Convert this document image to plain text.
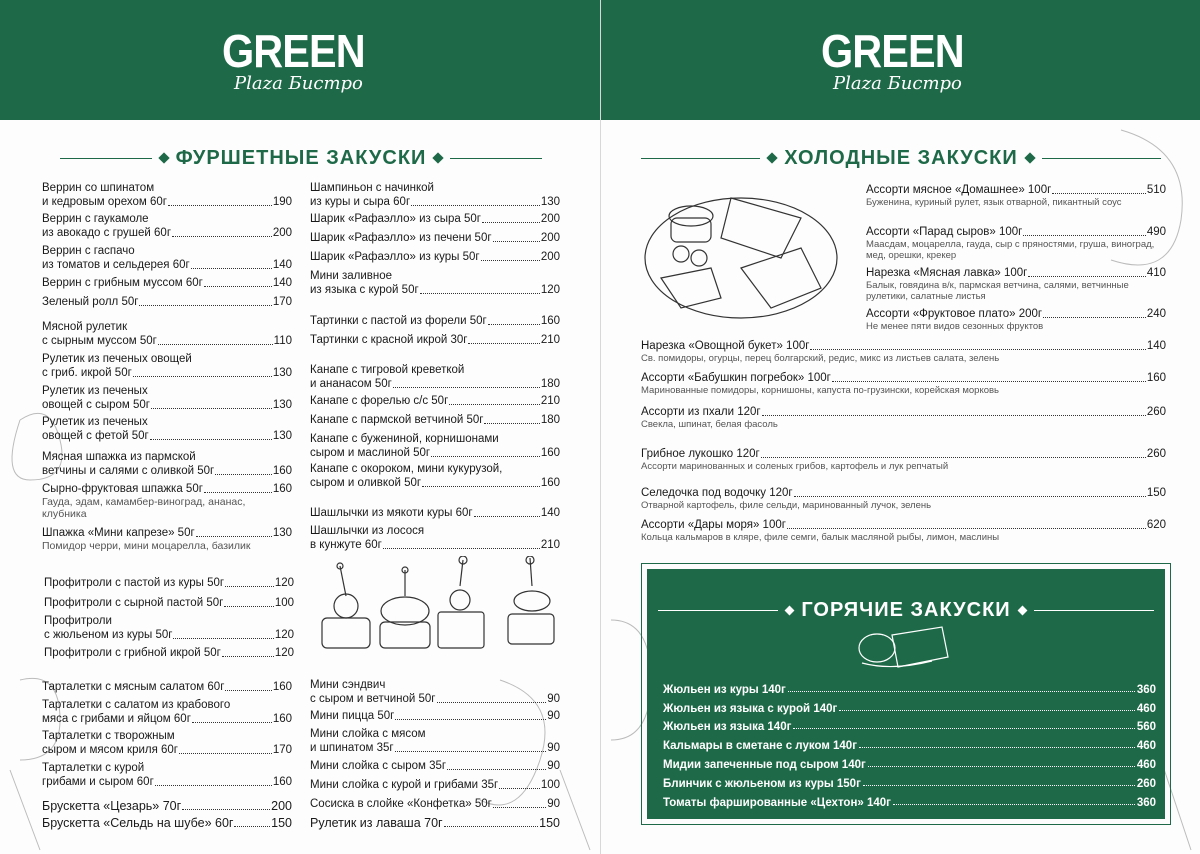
GREEN
Plaza Бистро
ФУРШЕТНЫЕ ЗАКУСКИ
Веррин со шпинатом
и кедровым орехом 60г	190
Веррин с гаукамоле
из авокадо с грушей 60г	200
Веррин с гаспачо
из томатов и сельдерея 60г	140
Веррин с грибным муссом 60г	140
Зеленый ролл 50г	170
Мясной рулетик
с сырным муссом 50г	110
Рулетик из печеных овощей
с гриб. икрой 50г	130
Рулетик из печеных
овощей с сыром 50г	130
Рулетик из печеных
овощей с фетой 50г	130
Мясная шпажка из пармской
ветчины и салями с оливкой 50г	160
Сырно-фруктовая шпажка 50г	160
Гауда, эдам, камамбер-виноград, ананас, клубника
Шпажка «Мини капрезе» 50г	130
Помидор черри, мини моцарелла, базилик
Профитроли с пастой из куры 50г	120
Профитроли с сырной пастой 50г	100
Профитроли
с жюльеном из куры 50г	120
Профитроли с грибной икрой 50г	120
Тарталетки с мясным салатом 60г	160
Тарталетки с салатом из крабового
мяса с грибами и яйцом 60г	160
Тарталетки с творожным
сыром и мясом криля 60г	170
Тарталетки с курой
грибами и сыром 60г	160
Брускетта «Цезарь» 70г	200
Брускетта «Сельдь на шубе» 60г	150
Шампиньон с начинкой
из куры и сыра 60г	130
Шарик «Рафаэлло» из сыра 50г	200
Шарик «Рафаэлло» из печени 50г	200
Шарик «Рафаэлло» из куры 50г	200
Мини заливное
из языка с курой 50г	120
Тартинки с пастой из форели 50г	160
Тартинки с красной икрой 30г	210
Канапе с тигровой креветкой
и ананасом 50г	180
Канапе с форелью с/с 50г	210
Канапе с пармской ветчиной 50г	180
Канапе с бужениной, корнишонами
сыром и маслиной 50г	160
Канапе с окороком, мини кукурузой,
сыром и оливкой 50г	160
Шашлычки из мякоти куры 60г	140
Шашлычки из лосося
в кунжуте 60г	210
Мини сэндвич
с сыром и ветчиной 50г	90
Мини пицца 50г	90
Мини слойка с мясом
и шпинатом 35г	90
Мини слойка с сыром 35г	90
Мини слойка с курой и грибами 35г	100
Сосиска в слойке «Конфетка» 50г	90
Рулетик из лаваша 70г	150
GREEN
Plaza Бистро
ХОЛОДНЫЕ ЗАКУСКИ
Ассорти мясное «Домашнее» 100г	510
Буженина, куриный рулет, язык отварной, пикантный соус
Ассорти «Парад сыров» 100г	490
Маасдам, моцарелла, гауда, сыр с пряностями, груша, виноград, мед, орешки, крекер
Нарезка «Мясная лавка» 100г	410
Балык, говядина в/к, пармская ветчина, салями, ветчинные рулетики, салатные листья
Ассорти «Фруктовое плато» 200г	240
Не менее пяти видов сезонных фруктов
Нарезка «Овощной букет» 100г	140
Св. помидоры, огурцы, перец болгарский, редис, микс из листьев салата, зелень
Ассорти «Бабушкин погребок» 100г	160
Маринованные помидоры, корнишоны, капуста по-грузински, корейская морковь
Ассорти из пхали 120г	260
Свекла, шпинат, белая фасоль
Грибное лукошко 120г	260
Ассорти маринованных и соленых грибов, картофель и лук репчатый
Селедочка под водочку 120г	150
Отварной картофель, филе сельди, маринованный лучок, зелень
Ассорти «Дары моря» 100г	620
Кольца кальмаров в кляре, филе семги, балык масляной рыбы, лимон, маслины
ГОРЯЧИЕ ЗАКУСКИ
Жюльен из куры 140г	360
Жюльен из языка с курой 140г	460
Жюльен из языка 140г	560
Кальмары в сметане с луком 140г	460
Мидии запеченные под сыром 140г	460
Блинчик с жюльеном из куры 150г	260
Томаты фаршированные «Цехтон» 140г	360
